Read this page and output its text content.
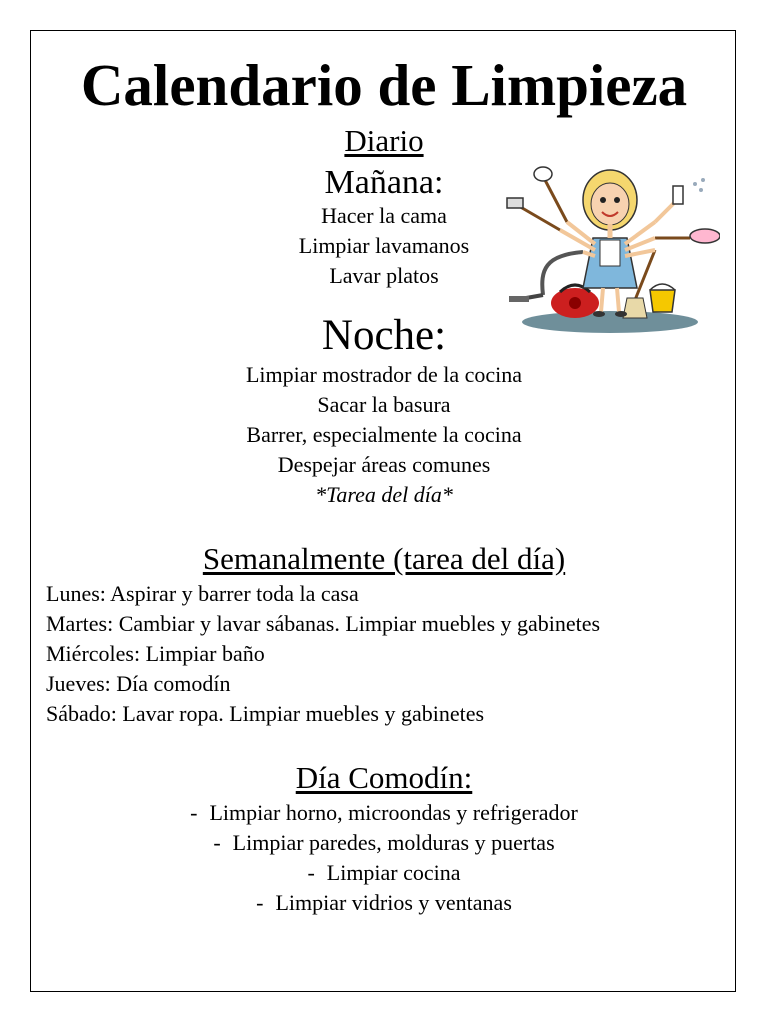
Calendario de Limpieza
Diario
Mañana:
Hacer la cama
Limpiar lavamanos
Lavar platos
Noche:
Limpiar mostrador de la cocina
Sacar la basura
Barrer, especialmente la cocina
Despejar áreas comunes
*Tarea del día*
Semanalmente (tarea del día)
Lunes: Aspirar y barrer toda la casa
Martes: Cambiar y lavar sábanas. Limpiar muebles y gabinetes
Miércoles: Limpiar baño
Jueves: Día comodín
Sábado: Lavar ropa. Limpiar muebles y gabinetes
Día Comodín:
- Limpiar horno, microondas y refrigerador
- Limpiar paredes, molduras y puertas
- Limpiar cocina
- Limpiar vidrios y ventanas
